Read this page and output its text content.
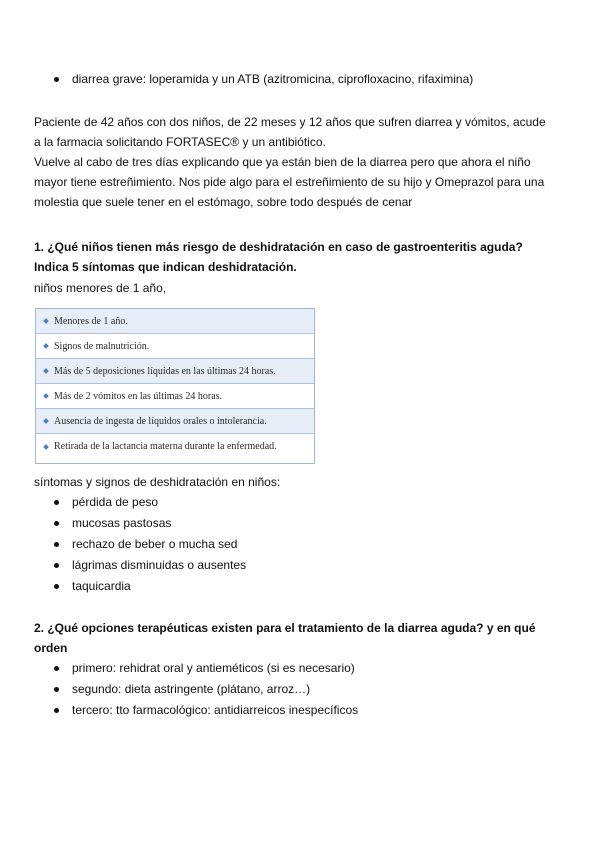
diarrea grave: loperamida y un ATB (azitromicina, ciprofloxacino, rifaximina)
Paciente de 42 años con dos niños, de 22 meses y 12 años que sufren diarrea y vómitos, acude
a la farmacia solicitando FORTASEC® y un antibiótico.
Vuelve al cabo de tres días explicando que ya están bien de la diarrea pero que ahora el niño
mayor tiene estreñimiento. Nos pide algo para el estreñimiento de su hijo y Omeprazol para una
molestia que suele tener en el estómago, sobre todo después de cenar
1. ¿Qué niños tienen más riesgo de deshidratación en caso de gastroenteritis aguda?
Indica 5 síntomas que indican deshidratación.
niños menores de 1 año,
Menores de 1 año.
Signos de malnutrición.
Más de 5 deposiciones líquidas en las últimas 24 horas.
Más de 2 vómitos en las últimas 24 horas.
Ausencia de ingesta de líquidos orales o intolerancia.
Retirada de la lactancia materna durante la enfermedad.
síntomas y signos de deshidratación en niños:
pérdida de peso
mucosas pastosas
rechazo de beber o mucha sed
lágrimas disminuidas o ausentes
taquicardia
2. ¿Qué opciones terapéuticas existen para el tratamiento de la diarrea aguda? y en qué
orden
primero: rehidrat oral y antieméticos (si es necesario)
segundo: dieta astringente (plátano, arroz…)
tercero: tto farmacológico: antidiarreicos inespecíficos
